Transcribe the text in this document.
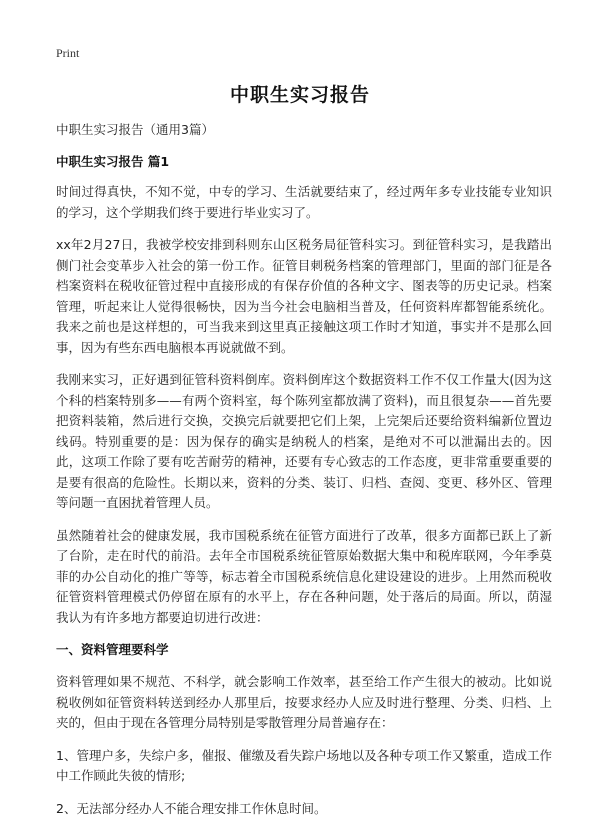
Print
中职生实习报告

中职生实习报告（通用3篇）

中职生实习报告 篇1

时间过得真快，不知不觉，中专的学习、生活就要结束了，经过两年多专业技能专业知识的学习，这个学期我们终于要进行毕业实习了。

xx年2月27日，我被学校安排到科则东山区税务局征管科实习。到征管科实习，是我踏出侧门社会变革步入社会的第一份工作。征管目刺税务档案的管理部门，里面的部门征是各档案资料在税收征管过程中直接形成的有保存价值的各种文字、图表等的历史记录。档案管理，听起来让人觉得很畅快，因为当今社会电脑相当普及，任何资料库都智能系统化。我来之前也是这样想的，可当我来到这里真正接触这项工作时才知道，事实并不是那么回事，因为有些东西电脑根本再说就做不到。

我刚来实习，正好遇到征管科资料倒库。资料倒库这个数据资料工作不仅工作量大(因为这个科的档案特别多——有两个资料室，每个陈列室都放满了资料)，而且很复杂——首先要把资料装箱，然后进行交换，交换完后就要把它们上架，上完架后还要给资料编新位置边线码。特别重要的是：因为保存的确实是纳税人的档案，是绝对不可以泄漏出去的。因此，这项工作除了要有吃苦耐劳的精神，还要有专心致志的工作态度，更非常重要重要的是要有很高的危险性。长期以来，资料的分类、装订、归档、查阅、变更、移外区、管理等问题一直困扰着管理人员。

虽然随着社会的健康发展，我市国税系统在征管方面进行了改革，很多方面都已跃上了新了台阶，走在时代的前沿。去年全市国税系统征管原始数据大集中和税库联网，今年季莫菲的办公自动化的推广等等，标志着全市国税系统信息化建设建设的进步。上用然而税收征管资料管理模式仍停留在原有的水平上，存在各种问题，处于落后的局面。所以，荫湿我认为有许多地方都要迫切进行改进：

一、资料管理要科学

资料管理如果不规范、不科学，就会影响工作效率，甚至给工作产生很大的被动。比如说税收例如征管资料转送到经办人那里后，按要求经办人应及时进行整理、分类、归档、上夹的，但由于现在各管理分局特别是零散管理分局普遍存在：

1、管理户多，失综户多，催报、催缴及看失踪户场地以及各种专项工作又繁重，造成工作中工作顾此失彼的情形;

2、无法部分经办人不能合理安排工作休息时间。
